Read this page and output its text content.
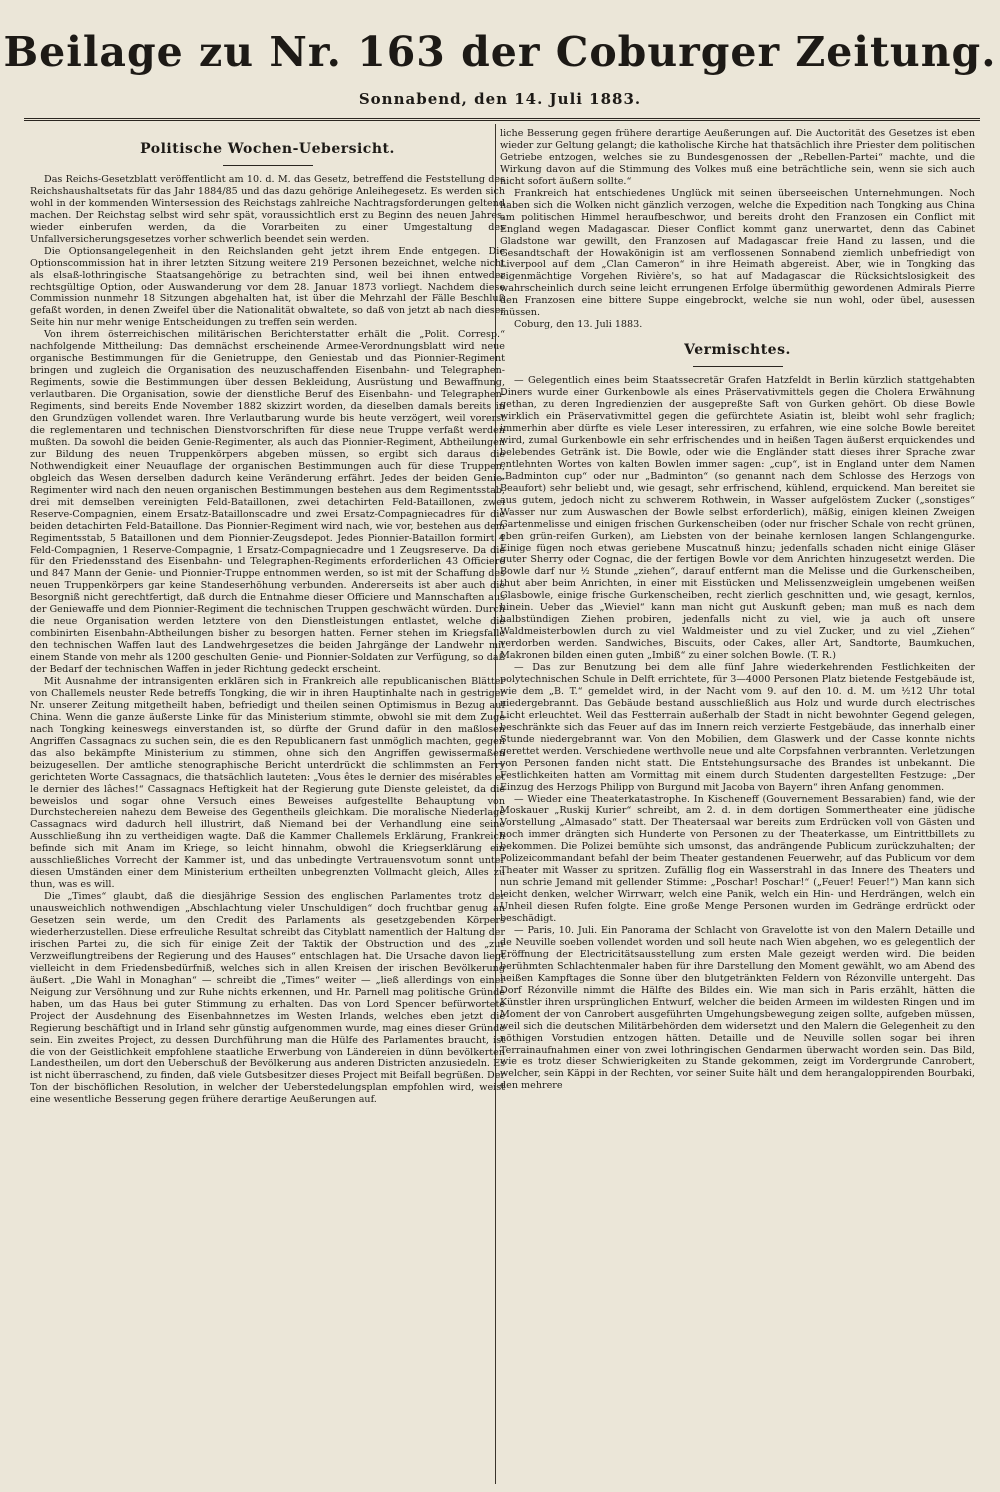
Beilage zu Nr. 163 der Coburger Zeitung.
Sonnabend, den 14. Juli 1883.
Politische Wochen-Uebersicht.

Das Reichs-Gesetzblatt veröffentlicht am 10. d. M. das Gesetz, betreffend die Feststellung des Reichshaushaltsetats für das Jahr 1884/85 und das dazu gehörige Anleihegesetz. Es werden sich wohl in der kommenden Wintersession des Reichstags zahlreiche Nachtragsforderungen geltend machen. Der Reichstag selbst wird sehr spät, voraussichtlich erst zu Beginn des neuen Jahres, wieder einberufen werden, da die Vorarbeiten zu einer Umgestaltung des Unfallversicherungsgesetzes vorher schwerlich beendet sein werden.

Die Optionsangelegenheit in den Reichslanden geht jetzt ihrem Ende entgegen. Die Optionscommission hat in ihrer letzten Sitzung weitere 219 Personen bezeichnet, welche nicht als elsaß-lothringische Staatsangehörige zu betrachten sind, weil bei ihnen entweder rechtsgültige Option, oder Auswanderung vor dem 28. Januar 1873 vorliegt. Nachdem diese Commission nunmehr 18 Sitzungen abgehalten hat, ist über die Mehrzahl der Fälle Beschluß gefaßt worden, in denen Zweifel über die Nationalität obwaltete, so daß von jetzt ab nach dieser Seite hin nur mehr wenige Entscheidungen zu treffen sein werden.

Von ihrem österreichischen militärischen Berichterstatter erhält die „Polit. Corresp.“ nachfolgende Mittheilung: Das demnächst erscheinende Armee-Verordnungsblatt wird neue organische Bestimmungen für die Genietruppe, den Geniestab und das Pionnier-Regiment bringen und zugleich die Organisation des neuzuschaffenden Eisenbahn- und Telegraphen-Regiments, sowie die Bestimmungen über dessen Bekleidung, Ausrüstung und Bewaffnung, verlautbaren. Die Organisation, sowie der dienstliche Beruf des Eisenbahn- und Telegraphen-Regiments, sind bereits Ende November 1882 skizzirt worden, da dieselben damals bereits in den Grundzügen vollendet waren. Ihre Verlautbarung wurde bis heute verzögert, weil vorerst die reglementaren und technischen Dienstvorschriften für diese neue Truppe verfaßt werden mußten. Da sowohl die beiden Genie-Regimenter, als auch das Pionnier-Regiment, Abtheilungen zur Bildung des neuen Truppenkörpers abgeben müssen, so ergibt sich daraus die Nothwendigkeit einer Neuauflage der organischen Bestimmungen auch für diese Truppen, obgleich das Wesen derselben dadurch keine Veränderung erfährt. Jedes der beiden Genie-Regimenter wird nach den neuen organischen Bestimmungen bestehen aus dem Regimentsstab, drei mit demselben vereinigten Feld-Bataillonen, zwei detachirten Feld-Bataillonen, zwei Reserve-Compagnien, einem Ersatz-Bataillonscadre und zwei Ersatz-Compagniecadres für die beiden detachirten Feld-Bataillone. Das Pionnier-Regiment wird nach, wie vor, bestehen aus dem Regimentsstab, 5 Bataillonen und dem Pionnier-Zeugsdepot. Jedes Pionnier-Bataillon formirt 4 Feld-Compagnien, 1 Reserve-Compagnie, 1 Ersatz-Compagniecadre und 1 Zeugsreserve. Da die für den Friedensstand des Eisenbahn- und Telegraphen-Regiments erforderlichen 43 Officiere und 847 Mann der Genie- und Pionnier-Truppe entnommen werden, so ist mit der Schaffung des neuen Truppenkörpers gar keine Standeserhöhung verbunden. Andererseits ist aber auch die Besorgniß nicht gerechtfertigt, daß durch die Entnahme dieser Officiere und Mannschaften aus der Geniewaffe und dem Pionnier-Regiment die technischen Truppen geschwächt würden. Durch die neue Organisation werden letztere von den Dienstleistungen entlastet, welche die combinirten Eisenbahn-Abtheilungen bisher zu besorgen hatten. Ferner stehen im Kriegsfalle den technischen Waffen laut des Landwehrgesetzes die beiden Jahrgänge der Landwehr mit einem Stande von mehr als 1200 geschulten Genie- und Pionnier-Soldaten zur Verfügung, so daß der Bedarf der technischen Waffen in jeder Richtung gedeckt erscheint.

Mit Ausnahme der intransigenten erklären sich in Frankreich alle republicanischen Blätter von Challemels neuster Rede betreffs Tongking, die wir in ihren Hauptinhalte nach in gestriger Nr. unserer Zeitung mitgetheilt haben, befriedigt und theilen seinen Optimismus in Bezug auf China. Wenn die ganze äußerste Linke für das Ministerium stimmte, obwohl sie mit dem Zuge nach Tongking keineswegs einverstanden ist, so dürfte der Grund dafür in den maßlosen Angriffen Cassagnacs zu suchen sein, die es den Republicanern fast unmöglich machten, gegen das also bekämpfte Ministerium zu stimmen, ohne sich den Angriffen gewissermaßen beizugesellen. Der amtliche stenographische Bericht unterdrückt die schlimmsten an Ferry gerichteten Worte Cassagnacs, die thatsächlich lauteten: „Vous êtes le dernier des misérables et le dernier des lâches!“ Cassagnacs Heftigkeit hat der Regierung gute Dienste geleistet, da die beweislos und sogar ohne Versuch eines Beweises aufgestellte Behauptung von Durchstechereien nahezu dem Beweise des Gegentheils gleichkam. Die moralische Niederlage Cassagnacs wird dadurch hell illustrirt, daß Niemand bei der Verhandlung eine seine Ausschließung ihn zu vertheidigen wagte. Daß die Kammer Challemels Erklärung, Frankreich befinde sich mit Anam im Kriege, so leicht hinnahm, obwohl die Kriegserklärung ein ausschließliches Vorrecht der Kammer ist, und das unbedingte Vertrauensvotum sonnt unter diesen Umständen einer dem Ministerium ertheilten unbegrenzten Vollmacht gleich, Alles zu thun, was es will.

Die „Times“ glaubt, daß die diesjährige Session des englischen Parlamentes trotz der unausweichlich nothwendigen „Abschlachtung vieler Unschuldigen“ doch fruchtbar genug an Gesetzen sein werde, um den Credit des Parlaments als gesetzgebenden Körpers wiederherzustellen. Diese erfreuliche Resultat schreibt das Cityblatt namentlich der Haltung der irischen Partei zu, die sich für einige Zeit der Taktik der Obstruction und des „zur Verzweiflungtreibens der Regierung und des Hauses“ entschlagen hat. Die Ursache davon liegt vielleicht in dem Friedensbedürfniß, welches sich in allen Kreisen der irischen Bevölkerung äußert. „Die Wahl in Monaghan“ — schreibt die „Times“ weiter — „ließ allerdings von einer Neigung zur Versöhnung und zur Ruhe nichts erkennen, und Hr. Parnell mag politische Gründe haben, um das Haus bei guter Stimmung zu erhalten. Das von Lord Spencer befürwortete Project der Ausdehnung des Eisenbahnnetzes im Westen Irlands, welches eben jetzt die Regierung beschäftigt und in Irland sehr günstig aufgenommen wurde, mag eines dieser Gründe sein. Ein zweites Project, zu dessen Durchführung man die Hülfe des Parlamentes braucht, ist die von der Geistlichkeit empfohlene staatliche Erwerbung von Ländereien in dünn bevölkerten Landestheilen, um dort den Ueberschuß der Bevölkerung aus anderen Districten anzusiedeln. Es ist nicht überraschend, zu finden, daß viele Gutsbesitzer dieses Project mit Beifall begrüßen. Der Ton der bischöflichen Resolution, in welcher der Ueberstedelungsplan empfohlen wird, weist eine wesentliche Besserung gegen frühere derartige Aeußerungen auf.

liche Besserung gegen frühere derartige Aeußerungen auf. Die Auctorität des Gesetzes ist eben wieder zur Geltung gelangt; die katholische Kirche hat thatsächlich ihre Priester dem politischen Getriebe entzogen, welches sie zu Bundesgenossen der „Rebellen-Partei“ machte, und die Wirkung davon auf die Stimmung des Volkes muß eine beträchtliche sein, wenn sie sich auch nicht sofort äußern sollte.“

Frankreich hat entschiedenes Unglück mit seinen überseeischen Unternehmungen. Noch haben sich die Wolken nicht gänzlich verzogen, welche die Expedition nach Tongking aus China am politischen Himmel heraufbeschwor, und bereits droht den Franzosen ein Conflict mit England wegen Madagascar. Dieser Conflict kommt ganz unerwartet, denn das Cabinet Gladstone war gewillt, den Franzosen auf Madagascar freie Hand zu lassen, und die Gesandtschaft der Howakönigin ist am verflossenen Sonnabend ziemlich unbefriedigt von Liverpool auf dem „Clan Cameron“ in ihre Heimath abgereist. Aber, wie in Tongking das eigenmächtige Vorgehen Rivière's, so hat auf Madagascar die Rücksichtslosigkeit des wahrscheinlich durch seine leicht errungenen Erfolge übermüthig gewordenen Admirals Pierre den Franzosen eine bittere Suppe eingebrockt, welche sie nun wohl, oder übel, ausessen müssen.

Coburg, den 13. Juli 1883.

Vermischtes.

— Gelegentlich eines beim Staatssecretär Grafen Hatzfeldt in Berlin kürzlich stattgehabten Diners wurde einer Gurkenbowle als eines Präservativmittels gegen die Cholera Erwähnung gethan, zu deren Ingredienzien der ausgepreßte Saft von Gurken gehört. Ob diese Bowle wirklich ein Präservativmittel gegen die gefürchtete Asiatin ist, bleibt wohl sehr fraglich; immerhin aber dürfte es viele Leser interessiren, zu erfahren, wie eine solche Bowle bereitet wird, zumal Gurkenbowle ein sehr erfrischendes und in heißen Tagen äußerst erquickendes und belebendes Getränk ist. Die Bowle, oder wie die Engländer statt dieses ihrer Sprache zwar entlehnten Wortes von kalten Bowlen immer sagen: „cup“, ist in England unter dem Namen „Badminton cup“ oder nur „Badminton“ (so genannt nach dem Schlosse des Herzogs von Beaufort) sehr beliebt und, wie gesagt, sehr erfrischend, kühlend, erquickend. Man bereitet sie aus gutem, jedoch nicht zu schwerem Rothwein, in Wasser aufgelöstem Zucker („sonstiges“ Wasser nur zum Auswaschen der Bowle selbst erforderlich), mäßig, einigen kleinen Zweigen Gartenmelisse und einigen frischen Gurkenscheiben (oder nur frischer Schale von recht grünen, eben grün-reifen Gurken), am Liebsten von der beinahe kernlosen langen Schlangengurke. Einige fügen noch etwas geriebene Muscatnuß hinzu; jedenfalls schaden nicht einige Gläser guter Sherry oder Cognac, die der fertigen Bowle vor dem Anrichten hinzugesetzt werden. Die Bowle darf nur ½ Stunde „ziehen“, darauf entfernt man die Melisse und die Gurkenscheiben, thut aber beim Anrichten, in einer mit Eisstücken und Melissenzweiglein umgebenen weißen Glasbowle, einige frische Gurkenscheiben, recht zierlich geschnitten und, wie gesagt, kernlos, hinein. Ueber das „Wieviel“ kann man nicht gut Auskunft geben; man muß es nach dem halbstündigen Ziehen probiren, jedenfalls nicht zu viel, wie ja auch oft unsere Waldmeisterbowlen durch zu viel Waldmeister und zu viel Zucker, und zu viel „Ziehen“ verdorben werden. Sandwiches, Biscuits, oder Cakes, aller Art, Sandtorte, Baumkuchen, Makronen bilden einen guten „Imbiß“ zu einer solchen Bowle. (T. R.)

— Das zur Benutzung bei dem alle fünf Jahre wiederkehrenden Festlichkeiten der polytechnischen Schule in Delft errichtete, für 3—4000 Personen Platz bietende Festgebäude ist, wie dem „B. T.“ gemeldet wird, in der Nacht vom 9. auf den 10. d. M. um ½12 Uhr total niedergebrannt. Das Gebäude bestand ausschließlich aus Holz und wurde durch electrisches Licht erleuchtet. Weil das Festterrain außerhalb der Stadt in nicht bewohnter Gegend gelegen, beschränkte sich das Feuer auf das im Innern reich verzierte Festgebäude, das innerhalb einer Stunde niedergebrannt war. Von den Mobilien, dem Glaswerk und der Casse konnte nichts gerettet werden. Verschiedene werthvolle neue und alte Corpsfahnen verbrannten. Verletzungen von Personen fanden nicht statt. Die Entstehungsursache des Brandes ist unbekannt. Die Festlichkeiten hatten am Vormittag mit einem durch Studenten dargestellten Festzuge: „Der Einzug des Herzogs Philipp von Burgund mit Jacoba von Bayern“ ihren Anfang genommen.

— Wieder eine Theaterkatastrophe. In Kischeneff (Gouvernement Bessarabien) fand, wie der Moskauer „Ruskij Kurier“ schreibt, am 2. d. in dem dortigen Sommertheater eine jüdische Vorstellung „Almasado“ statt. Der Theatersaal war bereits zum Erdrücken voll von Gästen und noch immer drängten sich Hunderte von Personen zu der Theaterkasse, um Eintrittbillets zu bekommen. Die Polizei bemühte sich umsonst, das andrängende Publicum zurückzuhalten; der Polizeicommandant befahl der beim Theater gestandenen Feuerwehr, auf das Publicum vor dem Theater mit Wasser zu spritzen. Zufällig flog ein Wasserstrahl in das Innere des Theaters und nun schrie Jemand mit gellender Stimme: „Poschar! Poschar!“ („Feuer! Feuer!“) Man kann sich leicht denken, welcher Wirrwarr, welch eine Panik, welch ein Hin- und Herdrängen, welch ein Unheil diesen Rufen folgte. Eine große Menge Personen wurden im Gedränge erdrückt oder beschädigt.

— Paris, 10. Juli. Ein Panorama der Schlacht von Gravelotte ist von den Malern Detaille und de Neuville soeben vollendet worden und soll heute nach Wien abgehen, wo es gelegentlich der Eröffnung der Electricitätsausstellung zum ersten Male gezeigt werden wird. Die beiden berühmten Schlachtenmaler haben für ihre Darstellung den Moment gewählt, wo am Abend des heißen Kampftages die Sonne über den blutgetränkten Feldern von Rézonville untergeht. Das Dorf Rézonville nimmt die Hälfte des Bildes ein. Wie man sich in Paris erzählt, hätten die Künstler ihren ursprünglichen Entwurf, welcher die beiden Armeen im wildesten Ringen und im Moment der von Canrobert ausgeführten Umgehungsbewegung zeigen sollte, aufgeben müssen, weil sich die deutschen Militärbehörden dem widersetzt und den Malern die Gelegenheit zu den nöthigen Vorstudien entzogen hätten. Detaille und de Neuville sollen sogar bei ihren Terrainaufnahmen einer von zwei lothringischen Gendarmen überwacht worden sein. Das Bild, wie es trotz dieser Schwierigkeiten zu Stande gekommen, zeigt im Vordergrunde Canrobert, welcher, sein Käppi in der Rechten, vor seiner Suite hält und dem herangaloppirenden Bourbaki, den mehrere
